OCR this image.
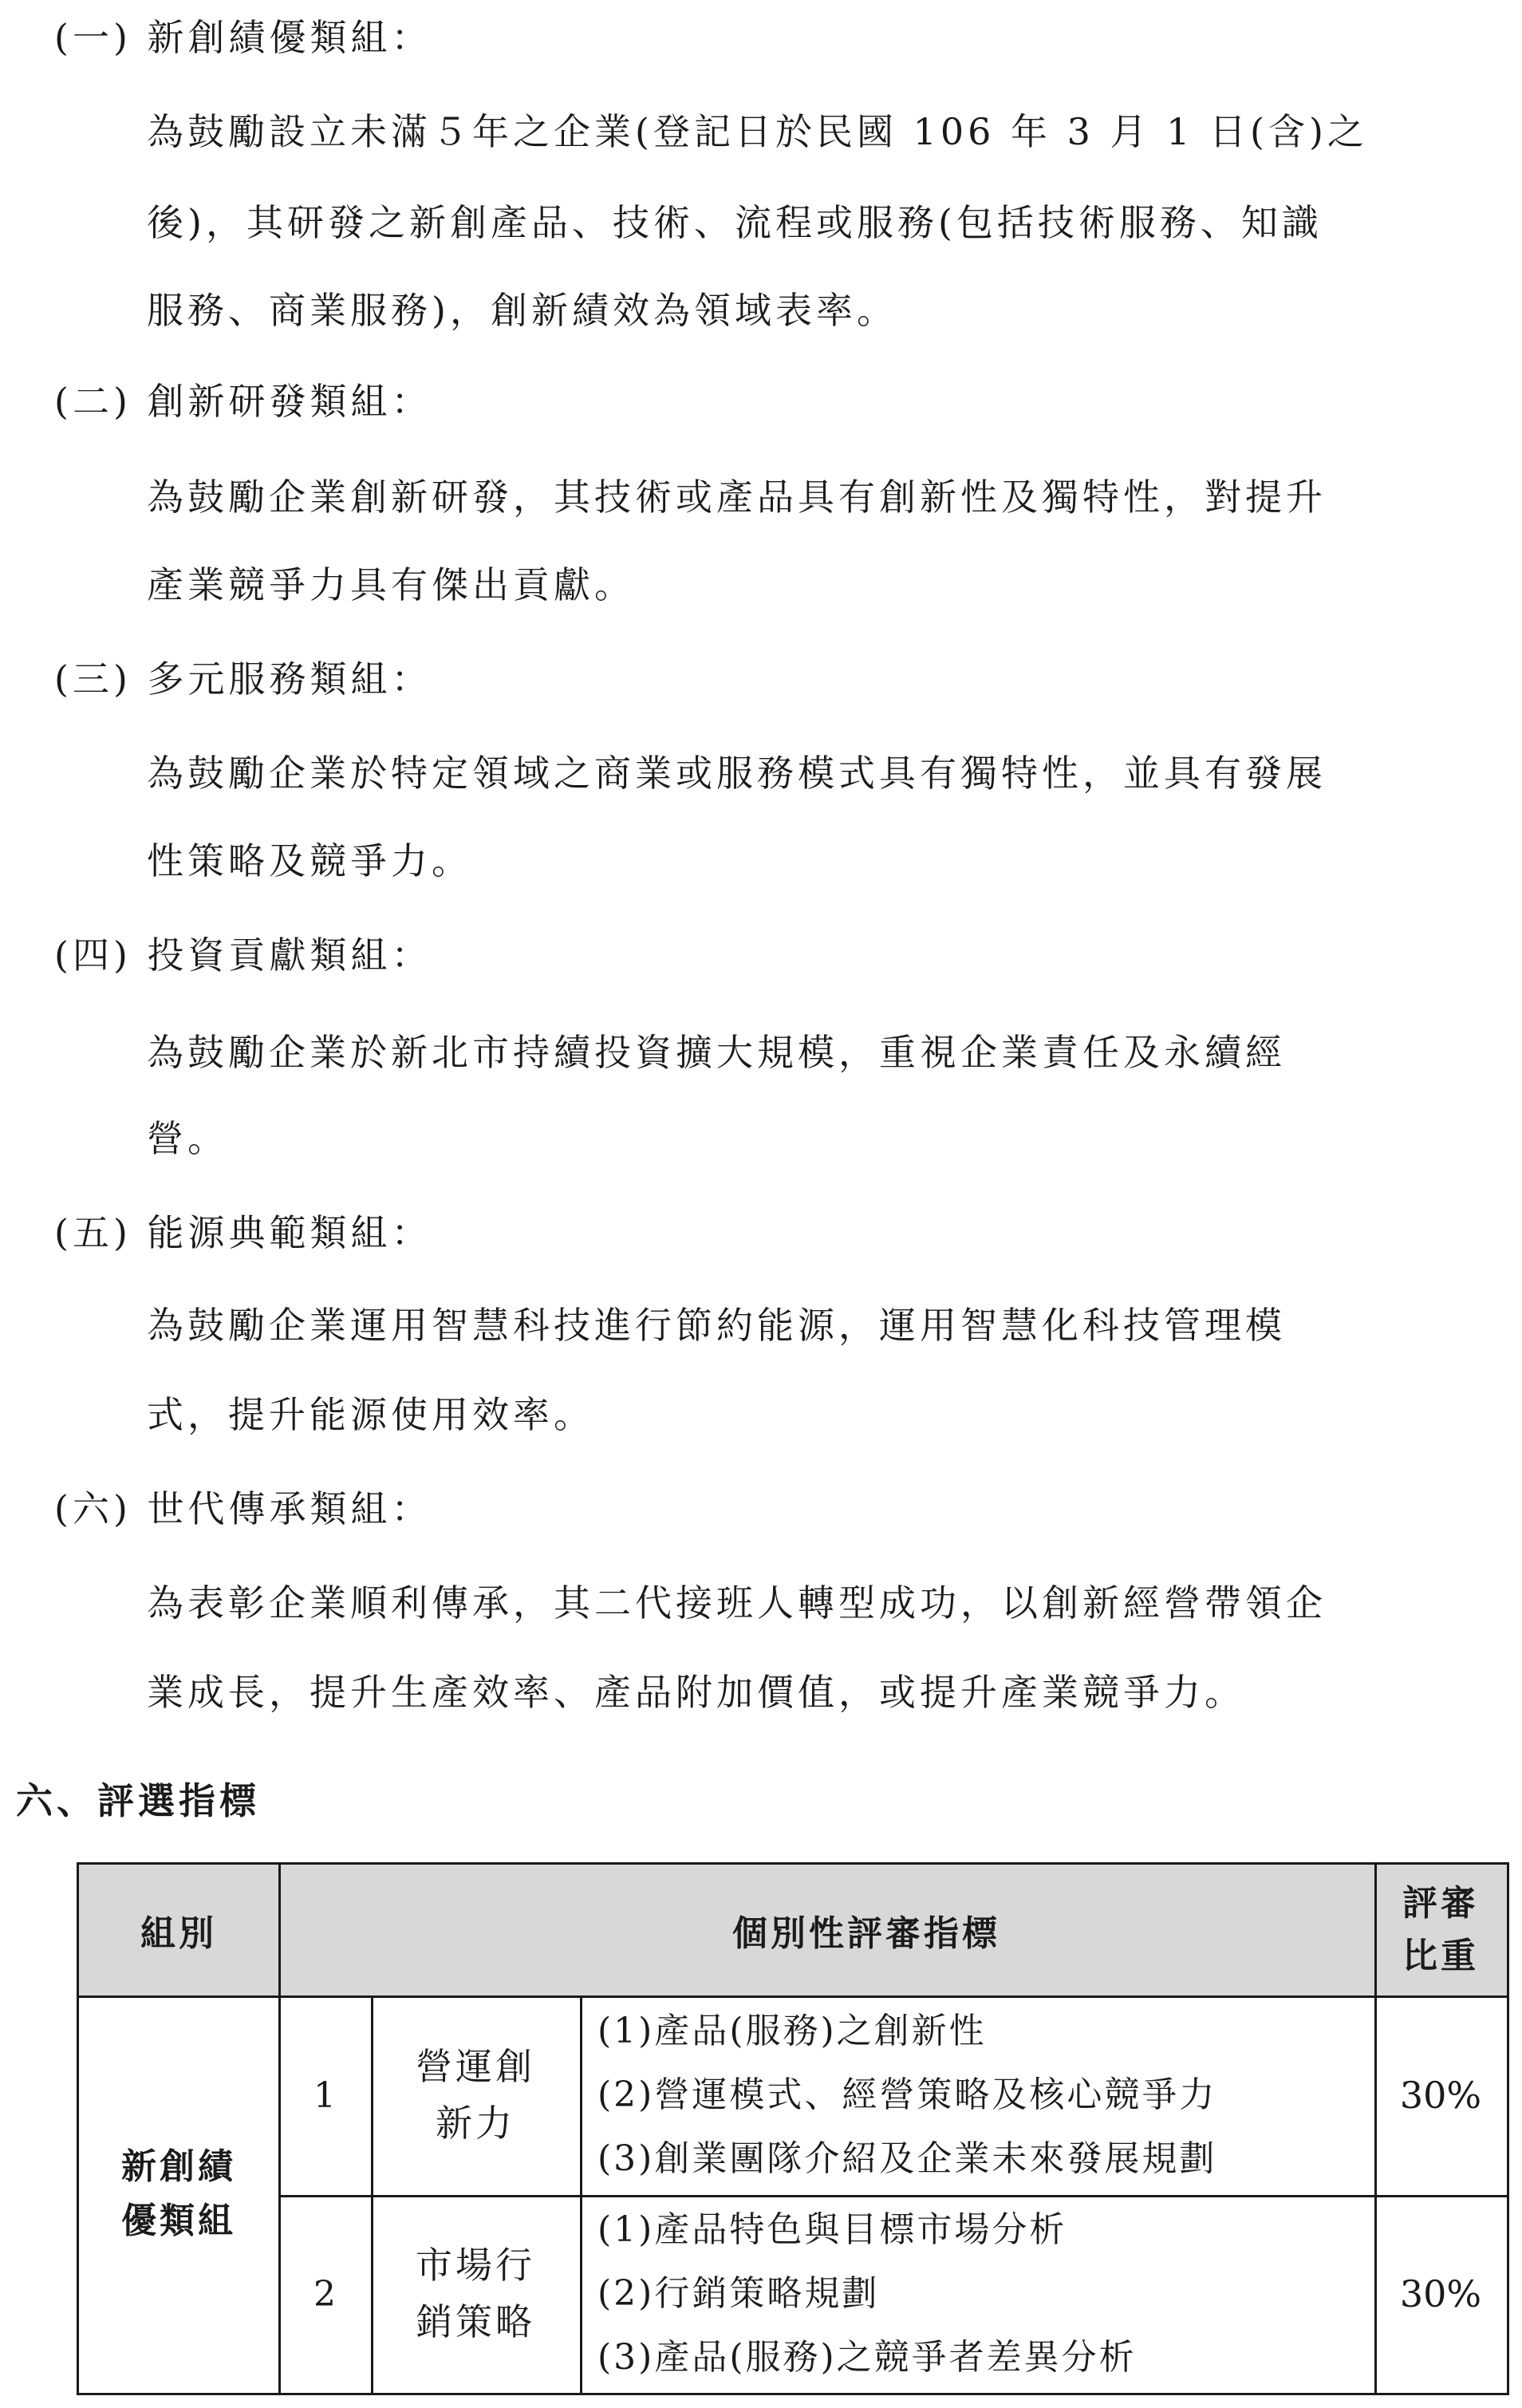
(一) 新創績優類組：
為鼓勵設立未滿５年之企業(登記日於民國 106 年 3 月 1 日(含)之
後)，其研發之新創產品、技術、流程或服務(包括技術服務、知識
服務、商業服務)，創新績效為領域表率。
(二) 創新研發類組：
為鼓勵企業創新研發，其技術或產品具有創新性及獨特性，對提升
產業競爭力具有傑出貢獻。
(三) 多元服務類組：
為鼓勵企業於特定領域之商業或服務模式具有獨特性，並具有發展
性策略及競爭力。
(四) 投資貢獻類組：
為鼓勵企業於新北市持續投資擴大規模，重視企業責任及永續經
營。
(五) 能源典範類組：
為鼓勵企業運用智慧科技進行節約能源，運用智慧化科技管理模
式，提升能源使用效率。
(六) 世代傳承類組：
為表彰企業順利傳承，其二代接班人轉型成功，以創新經營帶領企
業成長，提升生產效率、產品附加價值，或提升產業競爭力。
六、評選指標
組別	個別性評審指標
評審
比重
新創績
優類組
1
營運創
新力
(1)產品(服務)之創新性
(2)營運模式、經營策略及核心競爭力
(3)創業團隊介紹及企業未來發展規劃
30%
2
市場行
銷策略
(1)產品特色與目標市場分析
(2)行銷策略規劃
(3)產品(服務)之競爭者差異分析
30%
